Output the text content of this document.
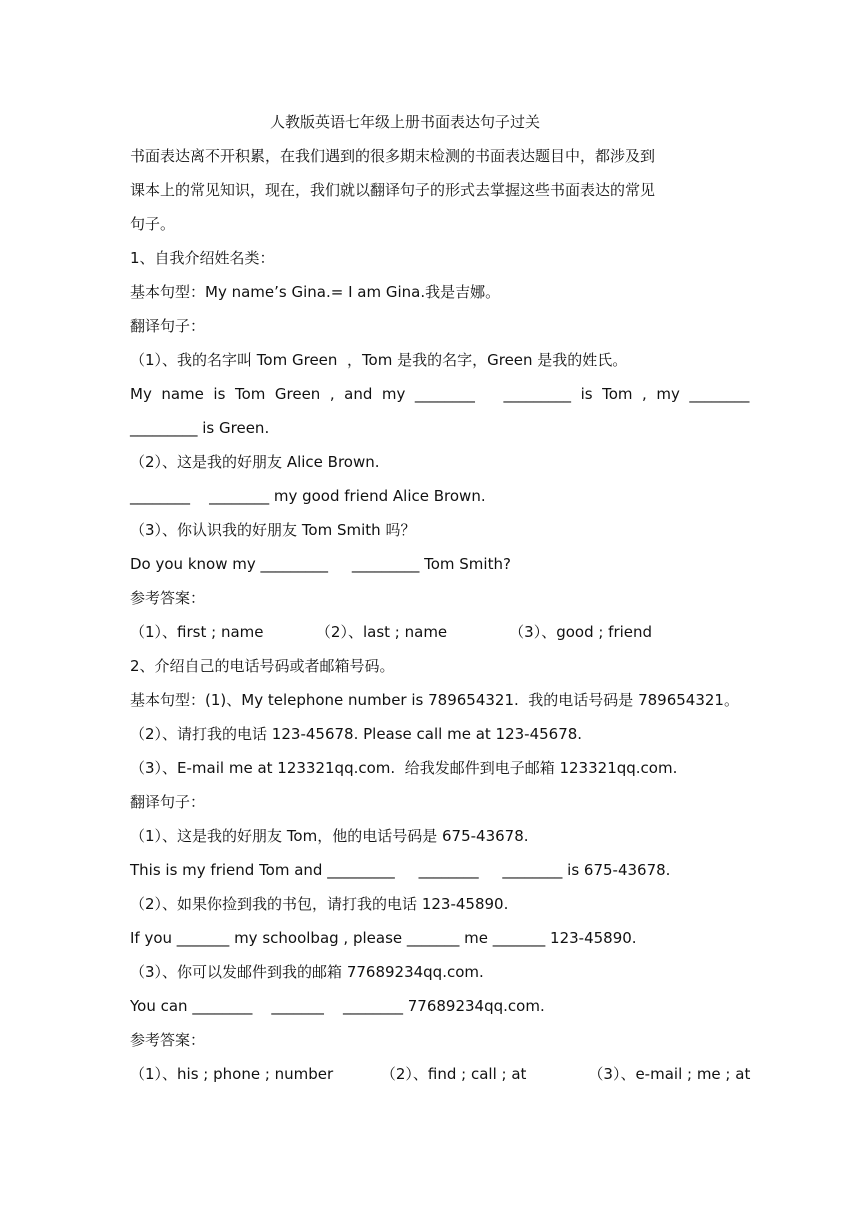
人教版英语七年级上册书面表达句子过关
书面表达离不开积累，在我们遇到的很多期末检测的书面表达题目中，都涉及到
课本上的常见知识，现在，我们就以翻译句子的形式去掌握这些书面表达的常见
句子。
1、自我介绍姓名类：
基本句型：My name’s Gina.= I am Gina.我是吉娜。
翻译句子：
（1）、我的名字叫 Tom Green  ，Tom 是我的名字，Green 是我的姓氏。
My  name  is  Tom  Green  ,  and  my  ________      _________  is  Tom  ,  my  ________
_________ is Green.
（2）、这是我的好朋友 Alice Brown.
________    ________ my good friend Alice Brown.
（3）、你认识我的好朋友 Tom Smith 吗？
Do you know my _________     _________ Tom Smith?
参考答案：
（1）、first ; name           （2）、last ; name             （3）、good ; friend
2、介绍自己的电话号码或者邮箱号码。
基本句型：(1)、My telephone number is 789654321.  我的电话号码是 789654321。
（2）、请打我的电话 123-45678. Please call me at 123-45678.
（3）、E-mail me at 123321qq.com.  给我发邮件到电子邮箱 123321qq.com.
翻译句子：
（1）、这是我的好朋友 Tom，他的电话号码是 675-43678.
This is my friend Tom and _________     ________     ________ is 675-43678.
（2）、如果你捡到我的书包，请打我的电话 123-45890.
If you _______ my schoolbag , please _______ me _______ 123-45890.
（3）、你可以发邮件到我的邮箱 77689234qq.com.
You can ________    _______    ________ 77689234qq.com.
参考答案：
（1）、his ; phone ; number          （2）、find ; call ; at             （3）、e-mail ; me ; at
